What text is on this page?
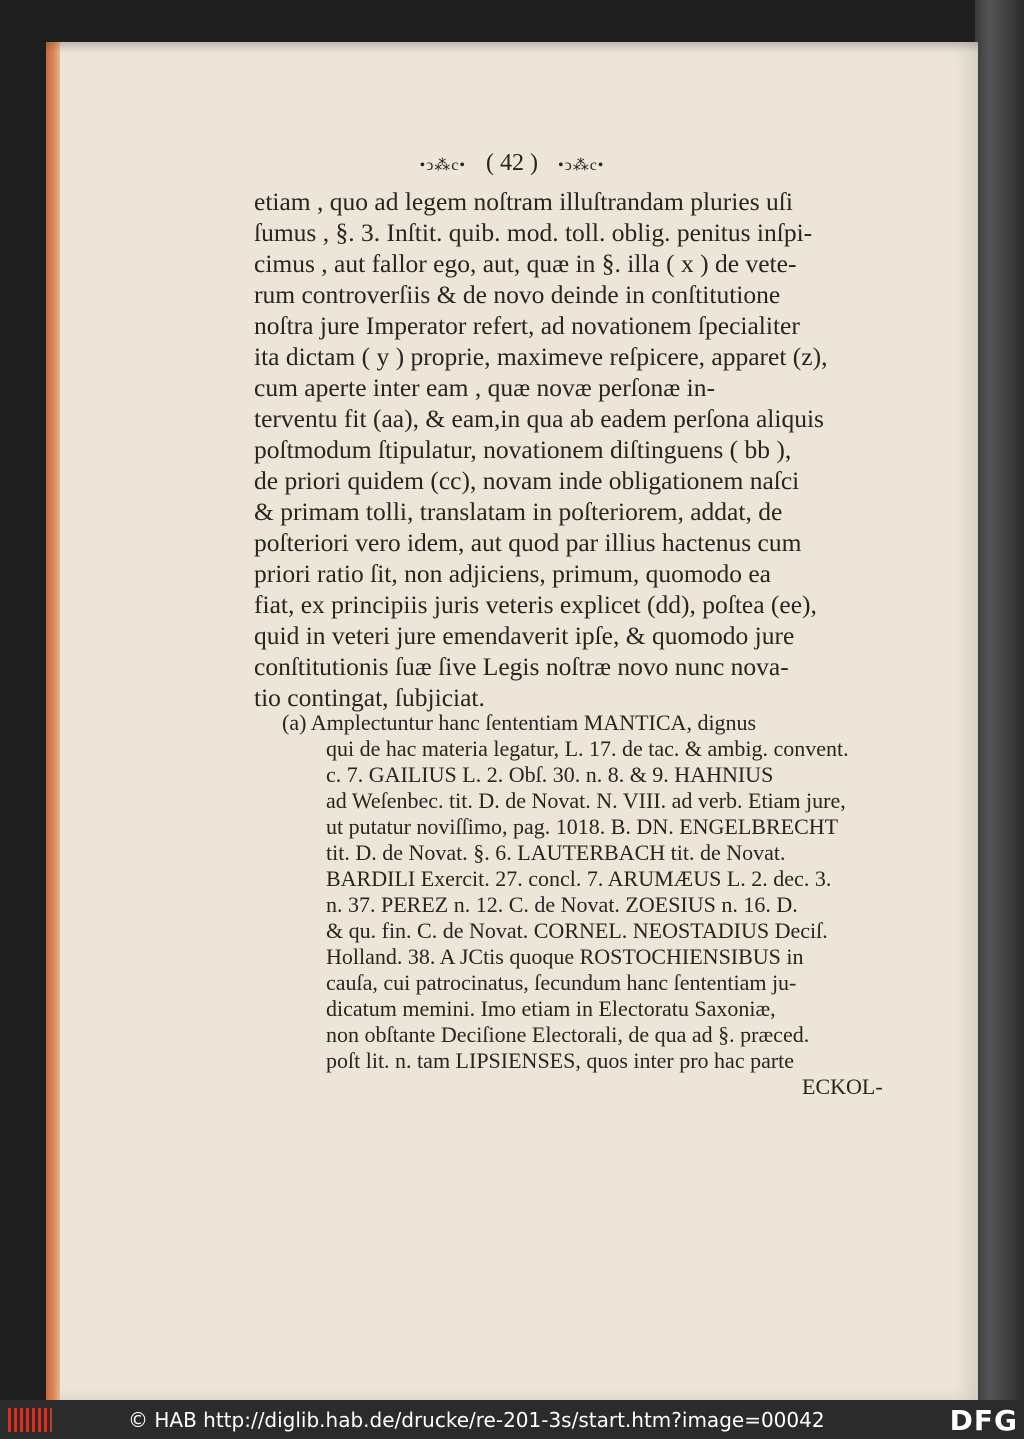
•ↄ⁂c• ( 42 ) •ↄ⁂c•
etiam , quo ad legem noſtram illuſtrandam pluries uſi
ſumus , §. 3. Inſtit. quib. mod. toll. oblig. penitus inſpi-
cimus , aut fallor ego, aut, quæ in §. illa ( x ) de vete-
rum controverſiis & de novo deinde in conſtitutione
noſtra jure Imperator refert, ad novationem ſpecialiter
ita dictam ( y ) proprie, maximeve reſpicere, apparet (z),
cum aperte inter eam , quæ novæ perſonæ in-
terventu fit (aa), & eam,in qua ab eadem perſona aliquis
poſtmodum ſtipulatur, novationem diſtinguens ( bb ),
de priori quidem (cc), novam inde obligationem naſci
& primam tolli, translatam in poſteriorem, addat, de
poſteriori vero idem, aut quod par illius hactenus cum
priori ratio ſit, non adjiciens, primum, quomodo ea
fiat, ex principiis juris veteris explicet (dd), poſtea (ee),
quid in veteri jure emendaverit ipſe, & quomodo jure
conſtitutionis ſuæ ſive Legis noſtræ novo nunc nova-
tio contingat, ſubjiciat.
(a) Amplectuntur hanc ſententiam MANTICA, dignus
qui de hac materia legatur, L. 17. de tac. & ambig. convent.
c. 7. GAILIUS L. 2. Obſ. 30. n. 8. & 9. HAHNIUS
ad Weſenbec. tit. D. de Novat. N. VIII. ad verb. Etiam jure,
ut putatur noviſſimo, pag. 1018. B. DN. ENGELBRECHT
tit. D. de Novat. §. 6. LAUTERBACH tit. de Novat.
BARDILI Exercit. 27. concl. 7. ARUMÆUS L. 2. dec. 3.
n. 37. PEREZ n. 12. C. de Novat. ZOESIUS n. 16. D.
& qu. fin. C. de Novat. CORNEL. NEOSTADIUS Deciſ.
Holland. 38. A JCtis quoque ROSTOCHIENSIBUS in
cauſa, cui patrocinatus, ſecundum hanc ſententiam ju-
dicatum memini. Imo etiam in Electoratu Saxoniæ,
non obſtante Deciſione Electorali, de qua ad §. præced.
poſt lit. n. tam LIPSIENSES, quos inter pro hac parte
ECKOL-
© HAB http://diglib.hab.de/drucke/re-201-3s/start.htm?image=00042	DFG
